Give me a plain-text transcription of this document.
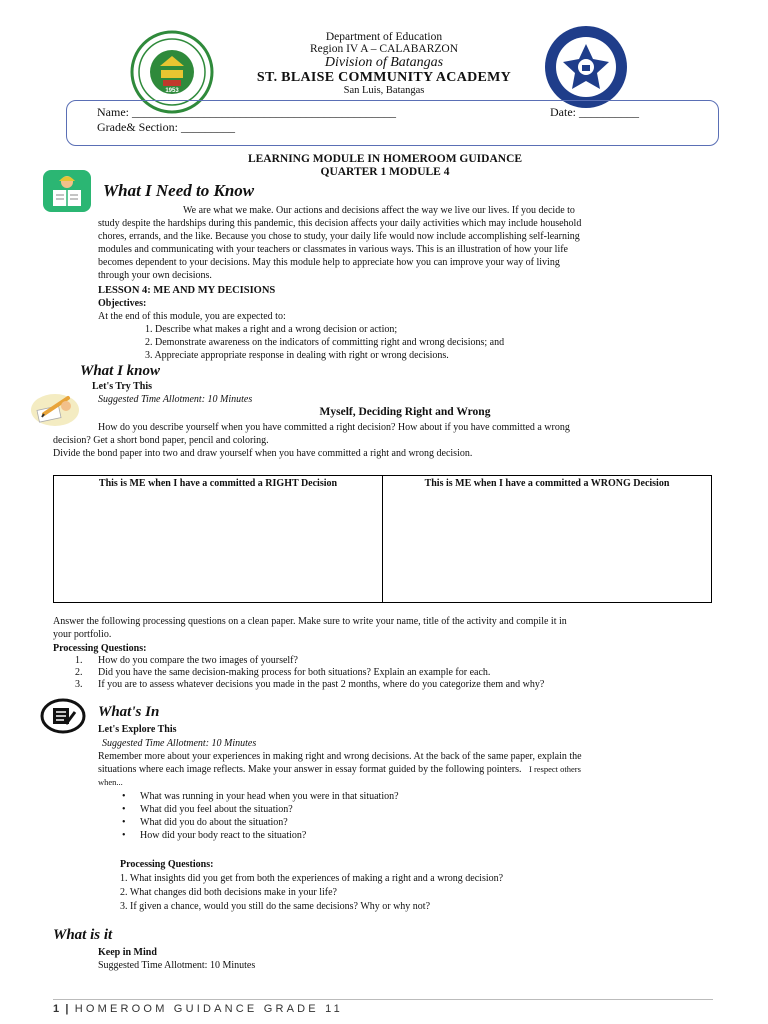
1953
Department of Education
Region IV A – CALABARZON
Division of Batangas
ST. BLAISE COMMUNITY ACADEMY
San Luis, Batangas
Name: ____________________________________________	Date: __________
Grade& Section: _________
LEARNING MODULE IN HOMEROOM GUIDANCE
QUARTER 1 MODULE 4
What I Need to Know
We are what we make. Our actions and decisions affect the way we live our lives. If you decide to
study despite the hardships during this pandemic, this decision affects your daily activities which may include household
chores, errands, and the like. Because you chose to study, your daily life would now include accomplishing self-learning
modules and communicating with your teachers or classmates in various ways. This is an illustration of how your life
becomes dependent to your decisions. May this module help to appreciate how you can improve your way of living
through your own decisions.
LESSON 4: ME AND MY DECISIONS
Objectives:
At the end of this module, you are expected to:
1. Describe what makes a right and a wrong decision or action;
2. Demonstrate awareness on the indicators of committing right and wrong decisions; and
3. Appreciate appropriate response in dealing with right or wrong decisions.
What I know
Let's Try This
Suggested Time Allotment: 10 Minutes
Myself, Deciding Right and Wrong
How do you describe yourself when you have committed a right decision? How about if you have committed a wrong
decision? Get a short bond paper, pencil and coloring.
Divide the bond paper into two and draw yourself when you have committed a right and wrong decision.
This is ME when I have a committed a RIGHT Decision	This is ME when I have a committed a WRONG Decision
Answer the following processing questions on a clean paper. Make sure to write your name, title of the activity and compile it in
your portfolio.
Processing Questions:
1. How do you compare the two images of yourself?
2. Did you have the same decision-making process for both situations? Explain an example for each.
3. If you are to assess whatever decisions you made in the past 2 months, where do you categorize them and why?
What's In
Let's Explore This
Suggested Time Allotment: 10 Minutes
Remember more about your experiences in making right and wrong decisions. At the back of the same paper, explain the
situations where each image reflects. Make your answer in essay format guided by the following pointers. I respect others
when...
• What was running in your head when you were in that situation?
• What did you feel about the situation?
• What did you do about the situation?
• How did your body react to the situation?
Processing Questions:
1. What insights did you get from both the experiences of making a right and a wrong decision?
2. What changes did both decisions make in your life?
3. If given a chance, would you still do the same decisions? Why or why not?
What is it
Keep in Mind
Suggested Time Allotment: 10 Minutes
1 | HOMEROOM GUIDANCE GRADE 11
